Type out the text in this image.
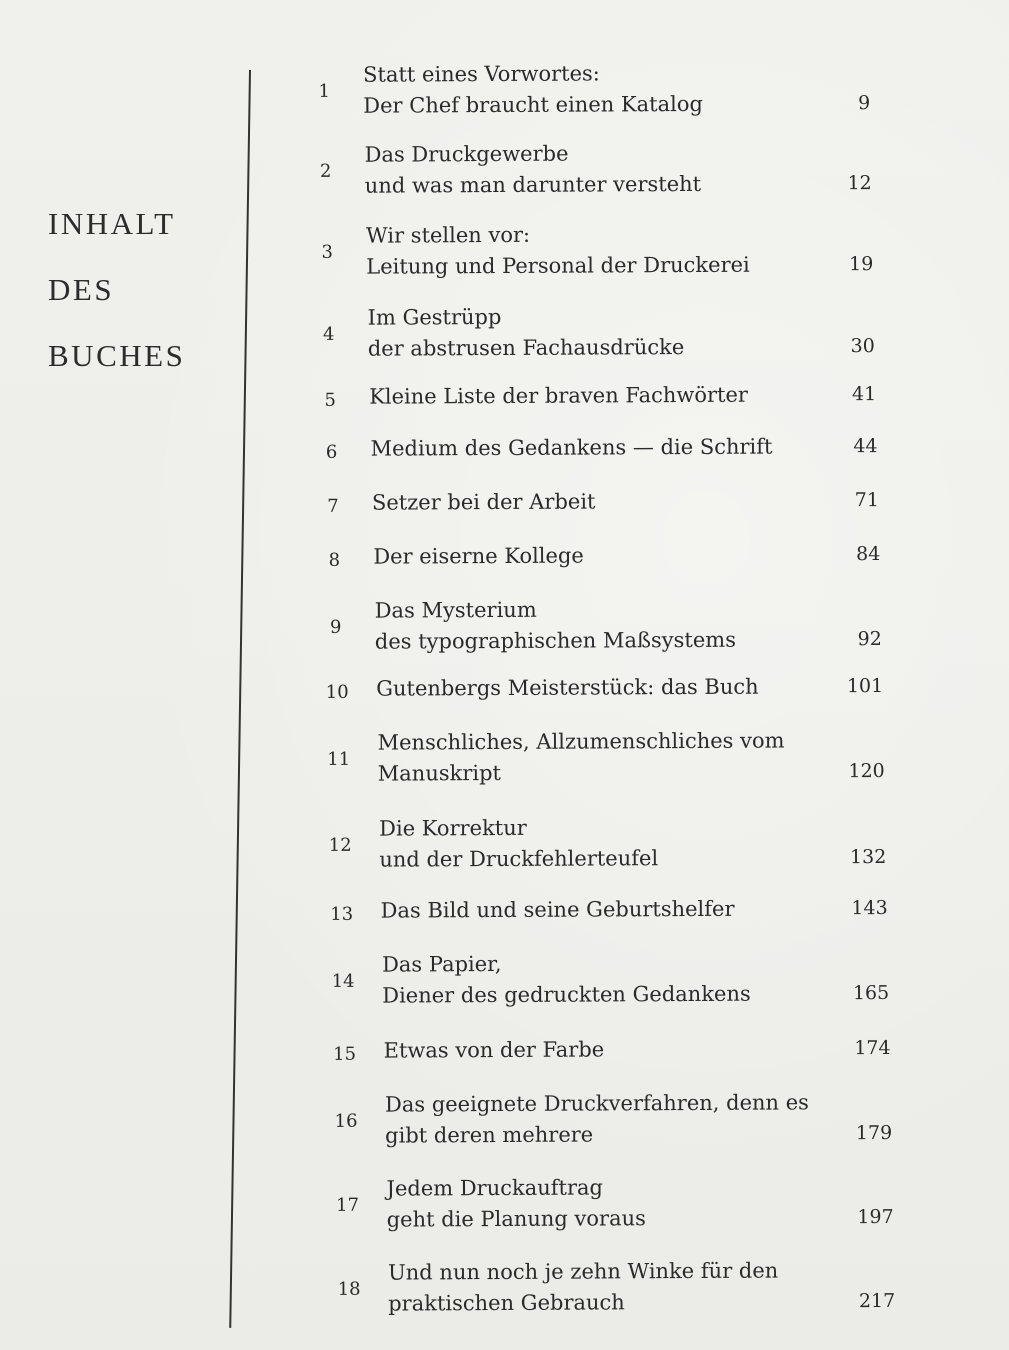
INHALT
DES
BUCHES
1
Statt eines Vorwortes:
Der Chef braucht einen Katalog	9
2
Das Druckgewerbe
und was man darunter versteht	12
3
Wir stellen vor:
Leitung und Personal der Druckerei	19
4
Im Gestrüpp
der abstrusen Fachausdrücke	30
5	Kleine Liste der braven Fachwörter	41
6	Medium des Gedankens — die Schrift	44
7	Setzer bei der Arbeit	71
8	Der eiserne Kollege	84
9
Das Mysterium
des typographischen Maßsystems	92
10	Gutenbergs Meisterstück: das Buch	101
11
Menschliches, Allzumenschliches vom
Manuskript	120
12
Die Korrektur
und der Druckfehlerteufel	132
13	Das Bild und seine Geburtshelfer	143
14
Das Papier,
Diener des gedruckten Gedankens	165
15	Etwas von der Farbe	174
16
Das geeignete Druckverfahren, denn es
gibt deren mehrere	179
17
Jedem Druckauftrag
geht die Planung voraus	197
18
Und nun noch je zehn Winke für den
praktischen Gebrauch	217
